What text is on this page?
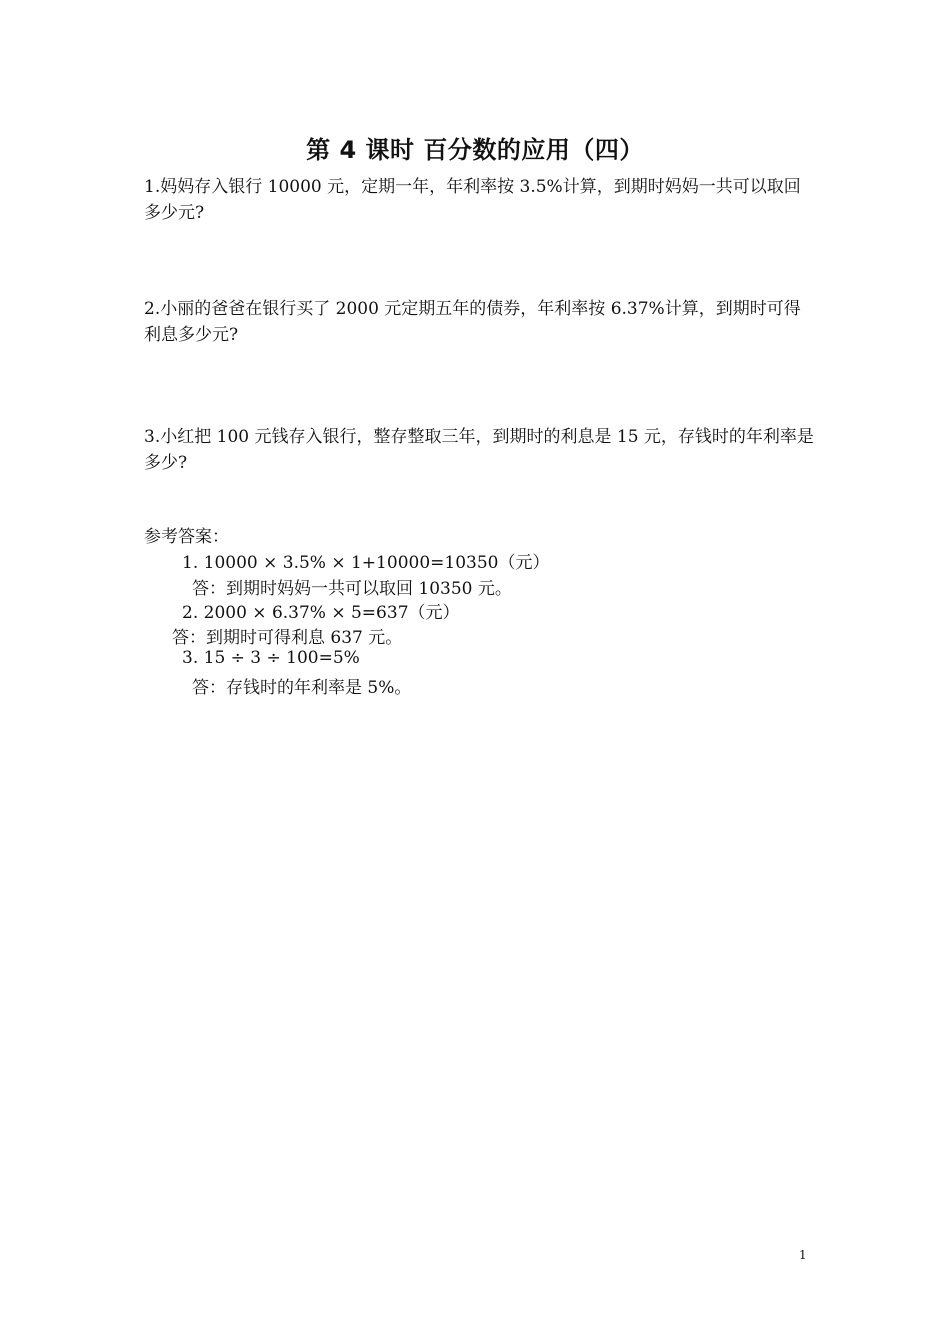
第 4 课时 百分数的应用（四）
1.妈妈存入银行 10000 元，定期一年，年利率按 3.5%计算，到期时妈妈一共可以取回多少元?
2.小丽的爸爸在银行买了 2000 元定期五年的债券，年利率按 6.37%计算，到期时可得利息多少元?
3.小红把 100 元钱存入银行，整存整取三年，到期时的利息是 15 元，存钱时的年利率是多少?
参考答案：
1. 10000 × 3.5% × 1+10000=10350（元）
答：到期时妈妈一共可以取回 10350 元。
2. 2000 × 6.37% × 5=637（元）
答：到期时可得利息 637 元。
3. 15 ÷ 3 ÷ 100=5%
答：存钱时的年利率是 5%。
1
